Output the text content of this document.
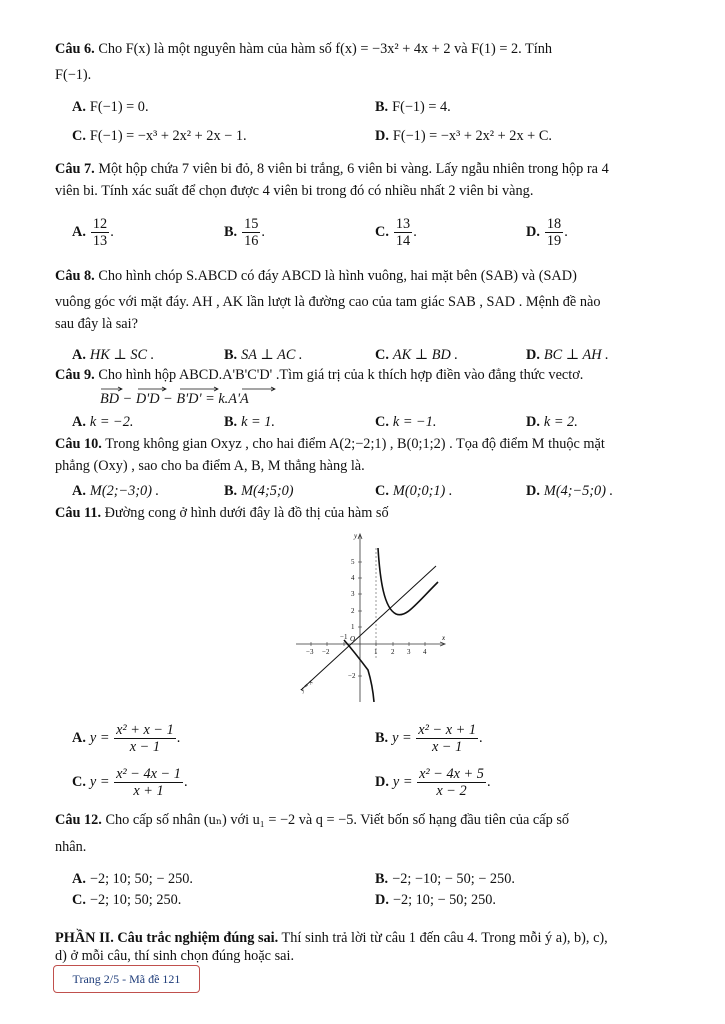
Câu 6. Cho F(x) là một nguyên hàm của hàm số f(x) = −3x² + 4x + 2 và F(1) = 2. Tính
F(−1).
A. F(−1) = 0.	B. F(−1) = 4.
C. F(−1) = −x³ + 2x² + 2x − 1.	D. F(−1) = −x³ + 2x² + 2x + C.
Câu 7. Một hộp chứa 7 viên bi đỏ, 8 viên bi trắng, 6 viên bi vàng. Lấy ngẫu nhiên trong hộp ra 4
viên bi. Tính xác suất để chọn được 4 viên bi trong đó có nhiều nhất 2 viên bi vàng.
A. $\frac{12}{13}$ .	B. $\frac{15}{16}$ .	C. $\frac{13}{14}$ .	D. $\frac{18}{19}$ .
Câu 8. Cho hình chóp S.ABCD có đáy ABCD là hình vuông, hai mặt bên (SAB) và (SAD)
vuông góc với mặt đáy. AH , AK lần lượt là đường cao của tam giác SAB , SAD . Mệnh đề nào
sau đây là sai?
A. HK ⊥ SC .	B. SA ⊥ AC .	C. AK ⊥ BD .	D. BC ⊥ AH .
Câu 9. Cho hình hộp ABCD.A'B'C'D' .Tìm giá trị của k thích hợp điền vào đẳng thức vectơ.
BD − D'D − B'D' = k.A'A
A. k = −2.	B. k = 1.	C. k = −1.	D. k = 2.
Câu 10. Trong không gian Oxyz , cho hai điểm A(2;−2;1) , B(0;1;2) . Tọa độ điểm M thuộc mặt
phẳng (Oxy) , sao cho ba điểm A, B, M thẳng hàng là.
A. M(2;−3;0) .	B. M(4;5;0)	C. M(0;0;1) .	D. M(4;−5;0) .
Câu 11. Đường cong ở hình dưới đây là đồ thị của hàm số
y
x
O
y = x
5
4
3
2
1
−2
−3 −2
−1
1 2 3 4
A. $y = \frac{\text{x² + x − 1}}{x - 1}$ .	B. $y = \frac{\text{x² − x + 1}}{x - 1}$ .
C. $y = \frac{\text{x² − 4x − 1}}{x + 1}$ .	D. $y = \frac{\text{x² − 4x + 5}}{x - 2}$ .
Câu 12. Cho cấp số nhân (uₙ) với u₁ = −2 và q = −5. Viết bốn số hạng đầu tiên của cấp số
nhân.
A. −2; 10; 50; − 250.	B. −2; −10; − 50; − 250.
C. −2; 10; 50; 250.	D. −2; 10; − 50; 250.
PHẦN II. Câu trắc nghiệm đúng sai. Thí sinh trả lời từ câu 1 đến câu 4. Trong mỗi ý a), b), c),
d) ở mỗi câu, thí sinh chọn đúng hoặc sai.
Trang 2/5 - Mã đề 121
